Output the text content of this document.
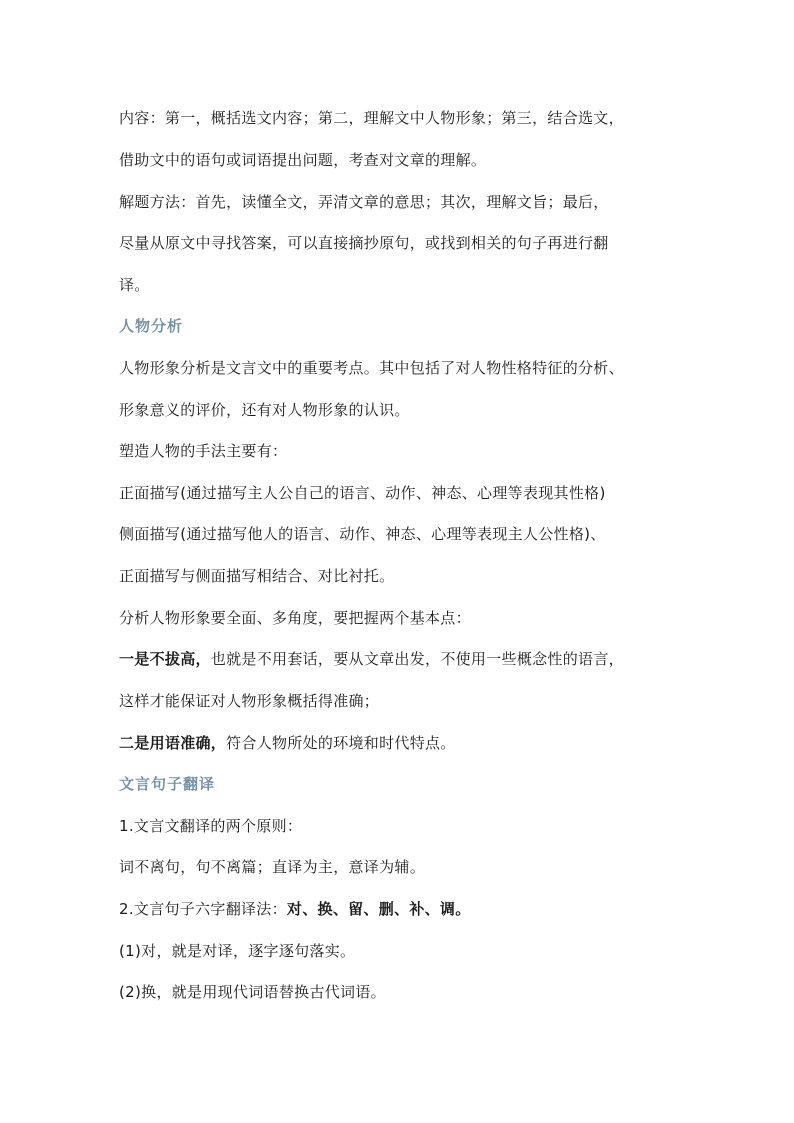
内容：第一，概括选文内容；第二，理解文中人物形象；第三，结合选文，
借助文中的语句或词语提出问题，考查对文章的理解。
解题方法：首先，读懂全文，弄清文章的意思；其次，理解文旨；最后，
尽量从原文中寻找答案，可以直接摘抄原句，或找到相关的句子再进行翻
译。
人物分析
人物形象分析是文言文中的重要考点。其中包括了对人物性格特征的分析、
形象意义的评价，还有对人物形象的认识。
塑造人物的手法主要有：
正面描写(通过描写主人公自己的语言、动作、神态、心理等表现其性格)
侧面描写(通过描写他人的语言、动作、神态、心理等表现主人公性格)、
正面描写与侧面描写相结合、对比衬托。
分析人物形象要全面、多角度，要把握两个基本点：
一是不拔高，也就是不用套话，要从文章出发，不使用一些概念性的语言，
这样才能保证对人物形象概括得准确；
二是用语准确，符合人物所处的环境和时代特点。
文言句子翻译
1.文言文翻译的两个原则：
词不离句，句不离篇；直译为主，意译为辅。
2.文言句子六字翻译法：对、换、留、删、补、调。
(1)对，就是对译，逐字逐句落实。
(2)换，就是用现代词语替换古代词语。
